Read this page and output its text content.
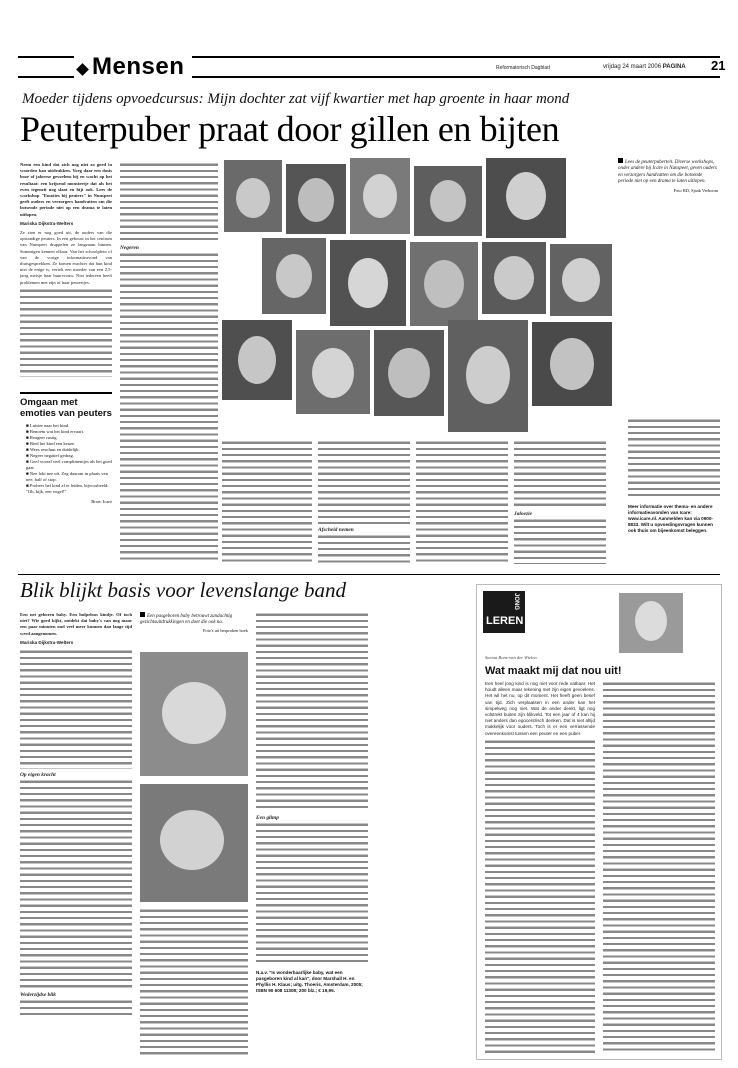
Mensen	Reformatorisch Dagblad	vrijdag 24 maart 2006 PAGINA 21
Moeder tijdens opvoedcursus: Mijn dochter zat vijf kwartier met hap groente in haar mond
Peuterpuber praat door gillen en bijten

Neem een kind dat zich nog niet zo goed in woorden kan uitdrukken. Voeg daar een dosis boze of jaloerse gevoelens bij en wacht op het resultaat: een krijsend monstertje dat als het even tegenzit nog slaat en bijt ook. Lees de workshop "Emoties bij peuters" in Nunspeet geeft ouders en verzorgers handvatten om die botsende periode niet op een drama te laten uitlopen.

Mariska Dijkstra-Welters

Ze zien er nog goed uit, de ouders van die opstandige peuters. In een gebouw in het centrum van Nunspeet druppelen ze langzaam binnen. Sommigen kennen elkaar. Van het schoolplein of van de vorige informatieavond van thuisgesprekken. Ze komen erachter dat hun kind niet de enige is, vertelt een moeder van een 2,5-jarig meisje haar buurvrouw. Niet iedereen heeft problemen met zijn of haar peutertjes.

Omgaan met emoties van peuters
■ Luister naar het kind.
■ Benoem wat het kind ervaart.
■ Reageer rustig.
■ Bied het kind een keuze.
■ Wees resoluut en duidelijk.
■ Negeer negatief gedrag.
■ Geef vooral veel complimentjes als het goed gaat.
■ Nee lokt nee uit. Zeg daarom in plaats van nee, half of stop.
■ Probeer het kind af te leiden, bijvoorbeeld: "Oh, kijk, een vogel!"
Bron: Icare
Negeren
Lees de peuterpuberteit. Diverse workshops, onder andere bij Icare in Nunspeet, geven ouders en verzorgers handvatten om die botsende periode niet op een drama te laten uitlopen.
Foto RD, Sjaak Verboom
Afscheid nemen
Jaloezie
Meer informatie over thema- en andere informatieavonden van Icare: www.icare.nl. Aanmelden kan via 0900-8833. Wilt u opvoedingsvragen kunnen ook thuis om bijeenkomst beleggen.
Blik blijkt basis voor levenslange band

Een net geboren baby. Een hulpeloos kindje. Of toch niet? Wie goed kijkt, ontdekt dat baby's van nog maar een paar minuten oud veel meer kunnen dan lange tijd werd aangenomen.

Mariska Dijkstra-Welters
Op eigen kracht
Wederzijdse blik
Een pasgeboren baby betrouwt zandachtig gezichtsuitdrukkingen en doet die ook na.
Foto's uit besproken boek
Een glimp
N.a.v. "Is wonderbaarlijke baby, wat een pasgeboren kind al kan", door Marshall H. en Phyllis H. Klaus; uitg. Thoeris, Amsterdam, 2005; ISBN 90 608 11308; 200 blz.; € 19,95.
JONG
LEREN
Sarina Bons-van der Wielen
Wat maakt mij dat nou uit!

Een heel jong kind is nog niet voor rede vatbaar. Het houdt alleen maar rekening met zijn eigen gevoelens. Het wil het nu, op dit moment. Het heeft geen besef van tijd. Zich verplaatsen in een ander kan het simpelweg nog niet. Wat de ander denkt, ligt nog volstrekt buiten zijn blikveld. Tot een jaar of 4 kan hij niet anders dan egocentrisch denken. Dat is niet altijd makkelijk voor ouders. Toch is er een verrassende overeenkomst tussen een peuter en een puber.
